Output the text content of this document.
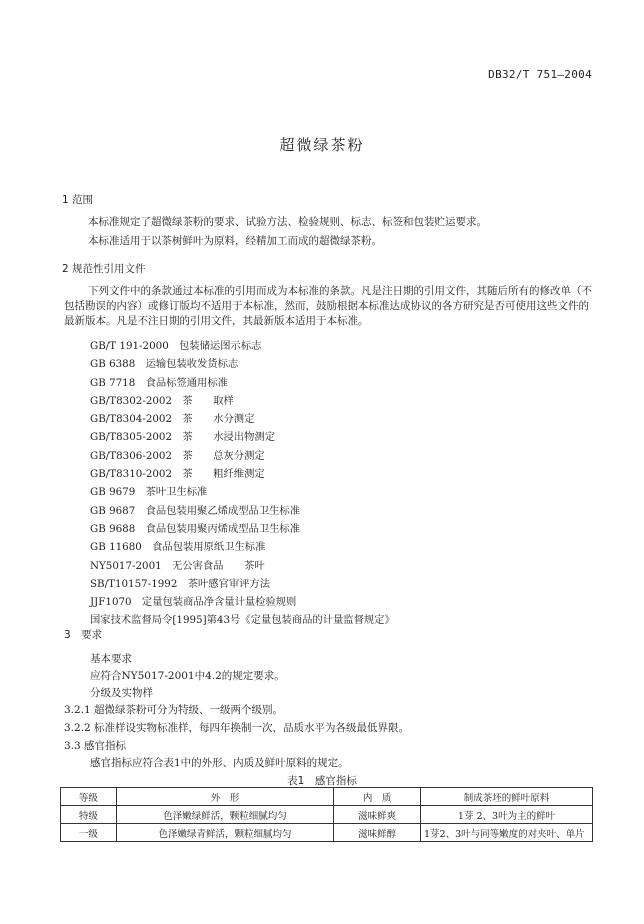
DB32/T 751—2004
超微绿茶粉
1 范围
本标准规定了超微绿茶粉的要求、试验方法、检验规则、标志、标签和包装贮运要求。
本标准适用于以茶树鲜叶为原料，经精加工而成的超微绿茶粉。
2 规范性引用文件
下列文件中的条款通过本标准的引用而成为本标准的条款。凡是注日期的引用文件，其随后所有的修改单（不包括勘误的内容）或修订版均不适用于本标准，然而，鼓励根据本标准达成协议的各方研究是否可使用这些文件的最新版本。凡是不注日期的引用文件，其最新版本适用于本标准。
GB/T 191-2000　包装储运图示标志
GB 6388　运输包装收发货标志
GB 7718　食品标签通用标准
GB/T8302-2002　茶　　取样
GB/T8304-2002　茶　　水分测定
GB/T8305-2002　茶　　水浸出物测定
GB/T8306-2002　茶　　总灰分测定
GB/T8310-2002　茶　　粗纤维测定
GB 9679　茶叶卫生标准
GB 9687　食品包装用聚乙烯成型品卫生标准
GB 9688　食品包装用聚丙烯成型品卫生标准
GB 11680　食品包装用原纸卫生标准
NY5017-2001　无公害食品　　茶叶
SB/T10157-1992　茶叶感官审评方法
JJF1070　定量包装商品净含量计量检验规则
国家技术监督局令[1995]第43号《定量包装商品的计量监督规定》
3　要求
基本要求
应符合NY5017-2001中4.2的规定要求。
分级及实物样
3.2.1 超微绿茶粉可分为特级、一级两个级别。
3.2.2 标准样设实物标准样，每四年换制一次，品质水平为各级最低界限。
3.3 感官指标
感官指标应符合表1中的外形、内质及鲜叶原料的规定。
表1　感官指标
等级	外　形	内　质	制成茶坯的鲜叶原料
特级	色泽嫩绿鲜活，颗粒细腻均匀	滋味鲜爽	1芽 2、3叶为主的鲜叶
一级	色泽嫩绿青鲜活，颗粒细腻均匀	滋味鲜醇	1芽2、3叶与同等嫩度的对夹叶、单片
